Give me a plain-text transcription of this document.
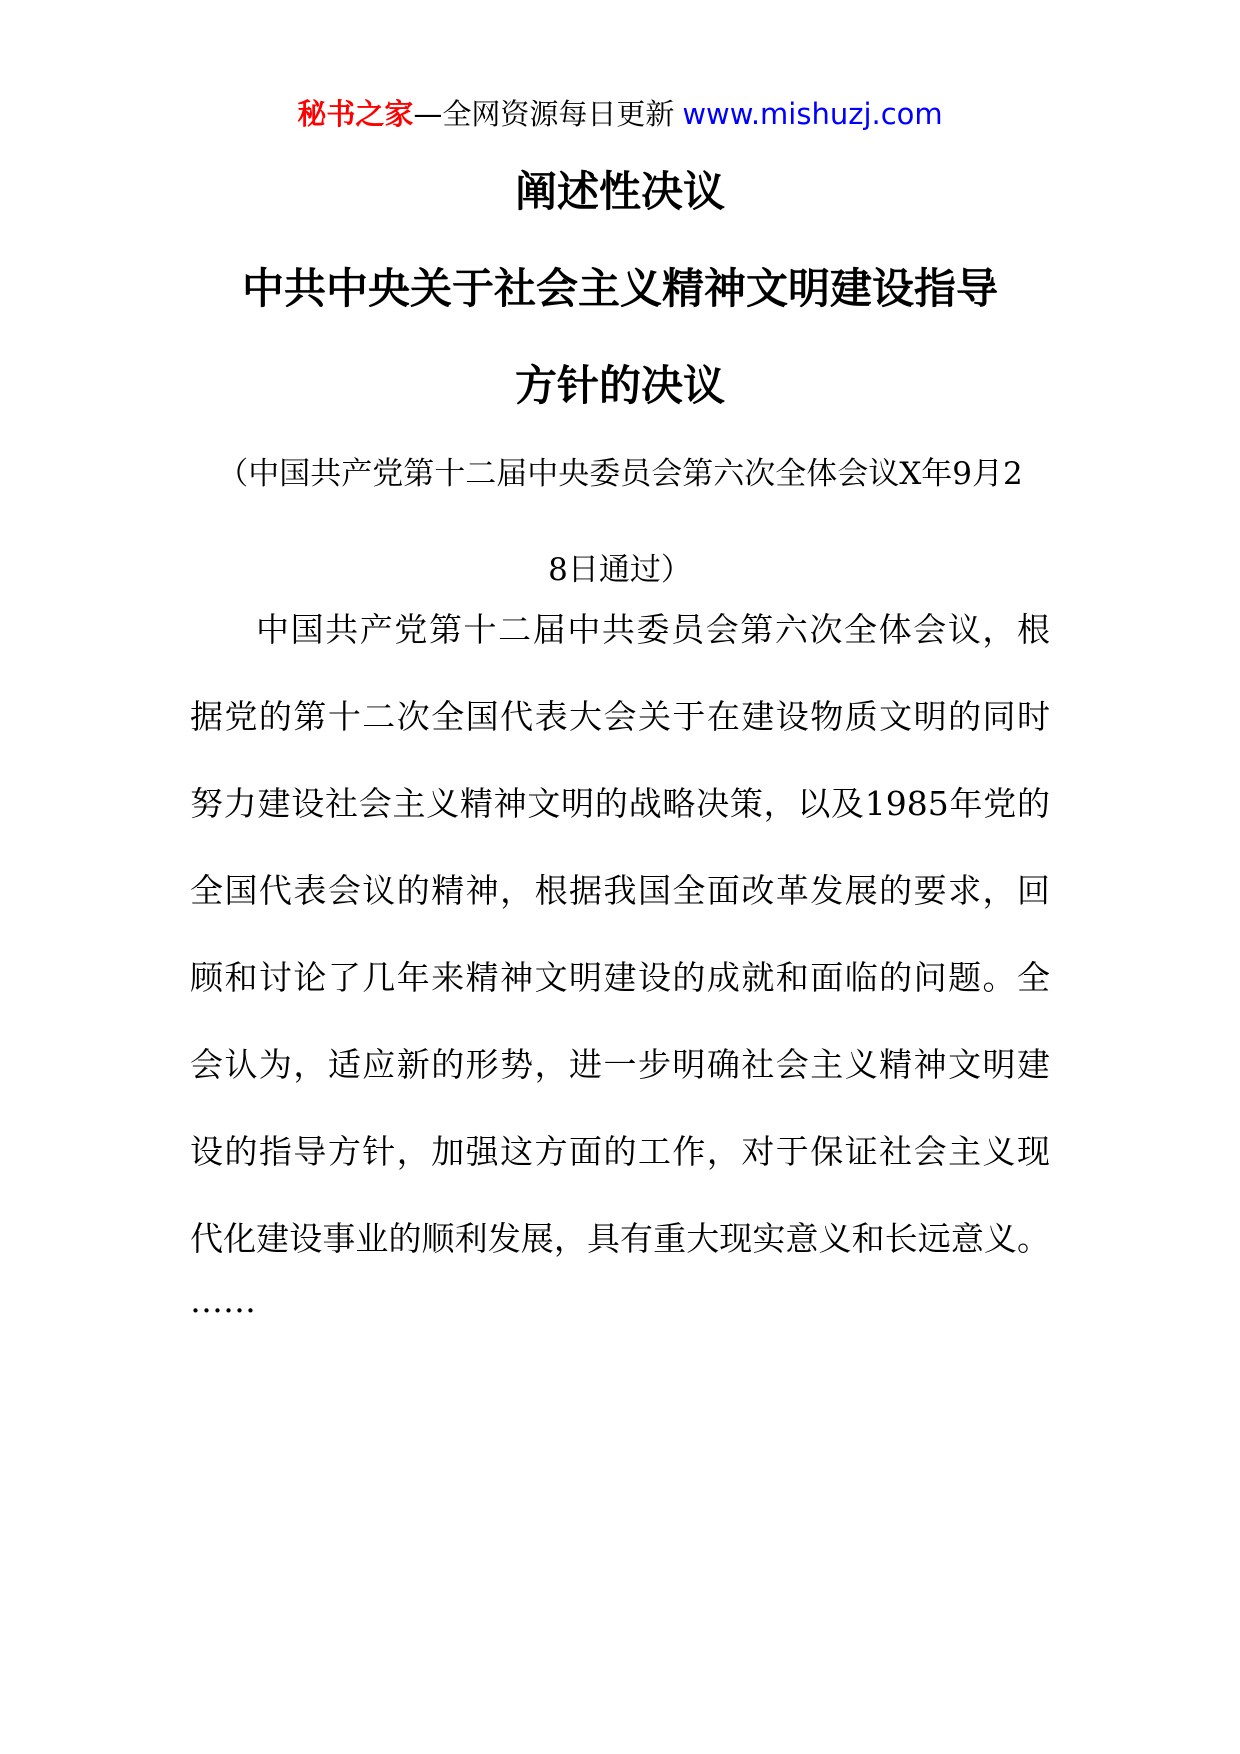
秘书之家—全网资源每日更新 www.mishuzj.com
阐述性决议
中共中央关于社会主义精神文明建设指导
方针的决议
（中国共产党第十二届中央委员会第六次全体会议X年9月2
8日通过）
中国共产党第十二届中共委员会第六次全体会议，根
据党的第十二次全国代表大会关于在建设物质文明的同时
努力建设社会主义精神文明的战略决策，以及1985年党的
全国代表会议的精神，根据我国全面改革发展的要求，回
顾和讨论了几年来精神文明建设的成就和面临的问题。全
会认为，适应新的形势，进一步明确社会主义精神文明建
设的指导方针，加强这方面的工作，对于保证社会主义现
代化建设事业的顺利发展，具有重大现实意义和长远意义。
……
